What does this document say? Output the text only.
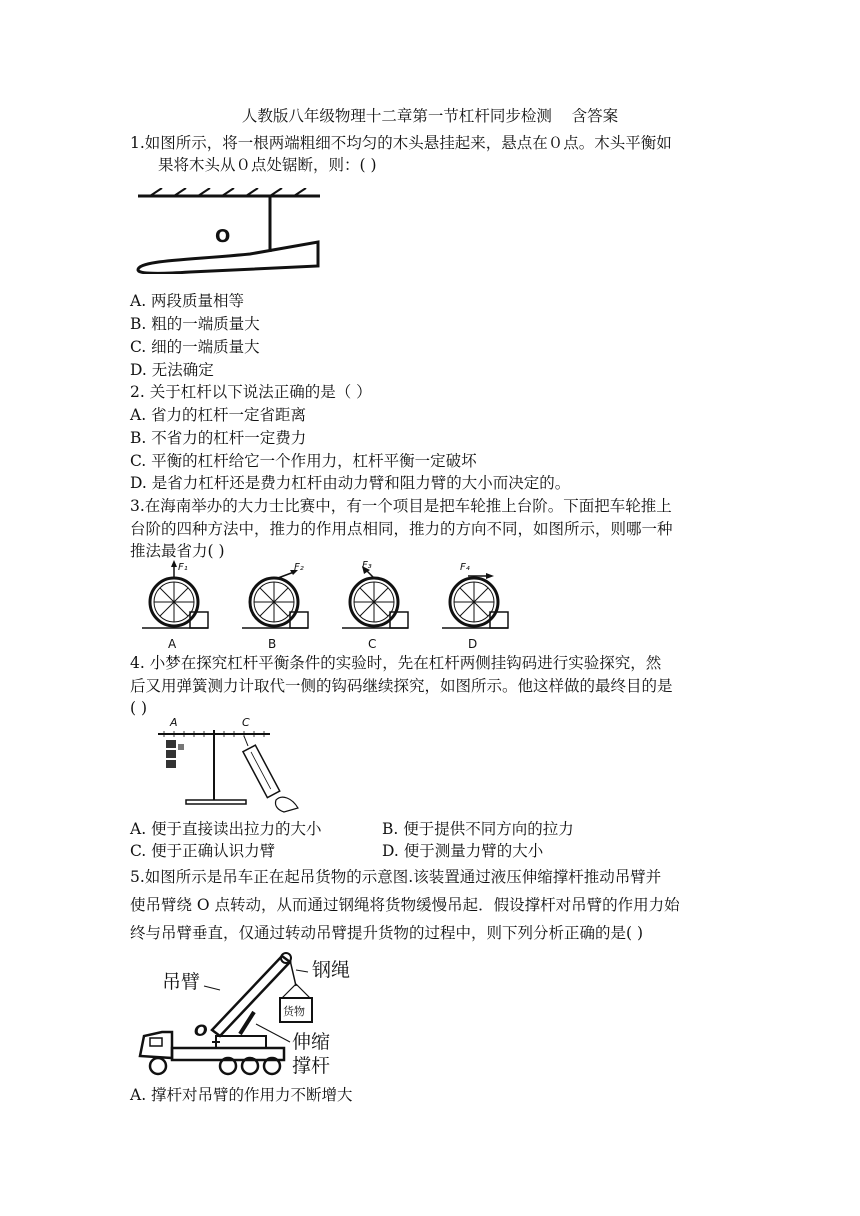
人教版八年级物理十二章第一节杠杆同步检测    含答案
1.如图所示，将一根两端粗细不均匀的木头悬挂起来，悬点在０点。木头平衡如
果将木头从０点处锯断，则：( )
O
A. 两段质量相等
B. 粗的一端质量大
C. 细的一端质量大
D. 无法确定
2. 关于杠杆以下说法正确的是（ ）
A. 省力的杠杆一定省距离
B. 不省力的杠杆一定费力
C. 平衡的杠杆给它一个作用力，杠杆平衡一定破坏
D. 是省力杠杆还是费力杠杆由动力臂和阻力臂的大小而决定的。
3.在海南举办的大力士比赛中，有一个项目是把车轮推上台阶。下面把车轮推上
台阶的四种方法中，推力的作用点相同，推力的方向不同，如图所示，则哪一种
推法最省力( )
F₁
A
F₂
B
F₃
C
F₄
D
4. 小梦在探究杠杆平衡条件的实验时，先在杠杆两侧挂钩码进行实验探究，然
后又用弹簧测力计取代一侧的钩码继续探究，如图所示。他这样做的最终目的是
( )
A	C
A. 便于直接读出拉力的大小	B. 便于提供不同方向的拉力
C. 便于正确认识力臂	D. 便于测量力臂的大小
5.如图所示是吊车正在起吊货物的示意图.该装置通过液压伸缩撑杆推动吊臂并
使吊臂绕 O 点转动，从而通过钢绳将货物缓慢吊起．假设撑杆对吊臂的作用力始
终与吊臂垂直，仅通过转动吊臂提升货物的过程中，则下列分析正确的是( )
吊臂
钢绳
伸缩
撑杆
O
货物
A. 撑杆对吊臂的作用力不断增大
